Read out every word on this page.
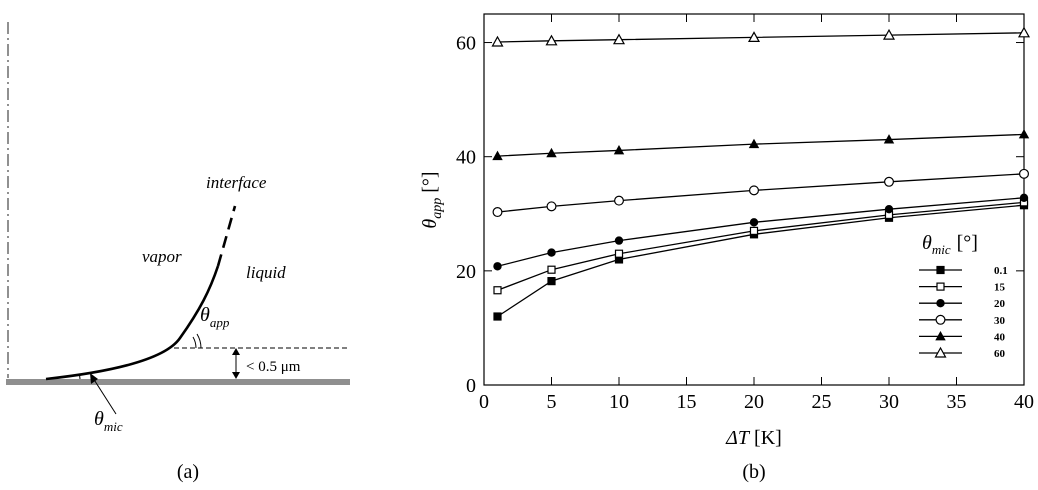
interface
vapor
liquid
$\theta_{app}$
< 0.5 μm
$\theta_{mic}$
(a)
0	5	10 15 20 25 30 35 40
0
20
40
60
ΔT [K]
$\theta_{app}$ [°]
$\theta_{mic}$ [°]
0.1
15
20
30
40
60
(b)
